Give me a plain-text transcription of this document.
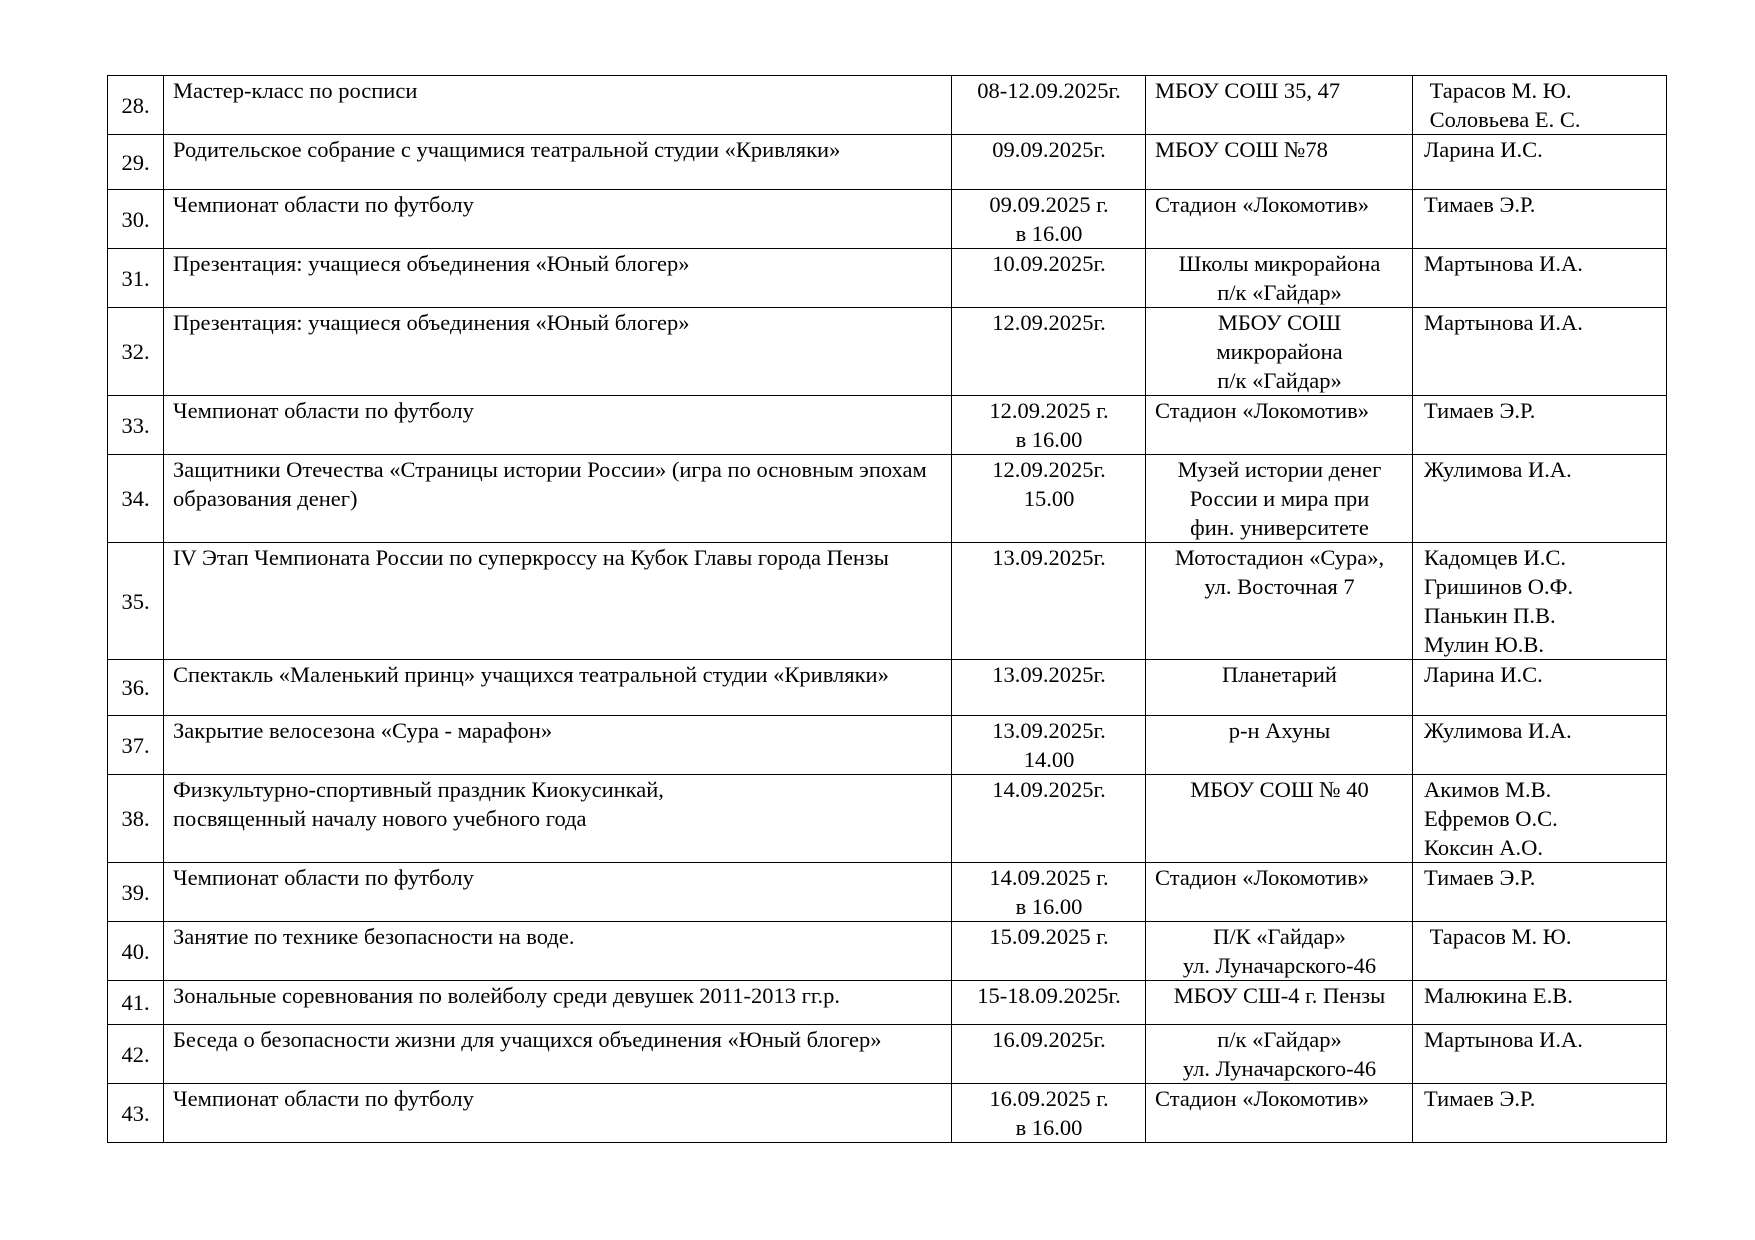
28.	Мастер-класс по росписи	08-12.09.2025г.	МБОУ СОШ 35, 47	Тарасов М. Ю.
Соловьева Е. С.

29.	Родительское собрание с учащимися театральной студии «Кривляки»	09.09.2025г.	МБОУ СОШ №78	Ларина И.С.

30.	Чемпионат области по футболу	09.09.2025 г.
в 16.00	Стадион «Локомотив»	Тимаев Э.Р.

31.	Презентация: учащиеся объединения «Юный блогер»	10.09.2025г.	Школы микрорайона
п/к «Гайдар»	Мартынова И.А.

32.	Презентация: учащиеся объединения «Юный блогер»	12.09.2025г.	МБОУ СОШ
микрорайона
п/к «Гайдар»	Мартынова И.А.

33.	Чемпионат области по футболу	12.09.2025 г.
в 16.00	Стадион «Локомотив»	Тимаев Э.Р.

34.	Защитники Отечества «Страницы истории России» (игра по основным эпохам образования денег)	12.09.2025г.
15.00	Музей истории денег
России и мира при
фин. университете	Жулимова И.А.

35.	IV Этап Чемпионата России по суперкроссу на Кубок Главы города Пензы	13.09.2025г.	Мотостадион «Сура»,
ул. Восточная 7	Кадомцев И.С.
Гришинов О.Ф.
Панькин П.В.
Мулин Ю.В.

36.	Спектакль «Маленький принц» учащихся театральной студии «Кривляки»	13.09.2025г.	Планетарий	Ларина И.С.

37.	Закрытие велосезона «Сура - марафон»	13.09.2025г.
14.00	р-н Ахуны	Жулимова И.А.

38.	Физкультурно-спортивный праздник Киокусинкай,
посвященный началу нового учебного года	14.09.2025г.	МБОУ СОШ № 40	Акимов М.В.
Ефремов О.С.
Коксин А.О.

39.	Чемпионат области по футболу	14.09.2025 г.
в 16.00	Стадион «Локомотив»	Тимаев Э.Р.

40.	Занятие по технике безопасности на воде.	15.09.2025 г.	П/К «Гайдар»
ул. Луначарского-46	Тарасов М. Ю.

41.	Зональные соревнования по волейболу среди девушек 2011-2013 гг.р.	15-18.09.2025г.	МБОУ СШ-4 г. Пензы	Малюкина Е.В.

42.	Беседа о безопасности жизни для учащихся объединения «Юный блогер»	16.09.2025г.	п/к «Гайдар»
ул. Луначарского-46	Мартынова И.А.

43.	Чемпионат области по футболу	16.09.2025 г.
в 16.00	Стадион «Локомотив»	Тимаев Э.Р.
